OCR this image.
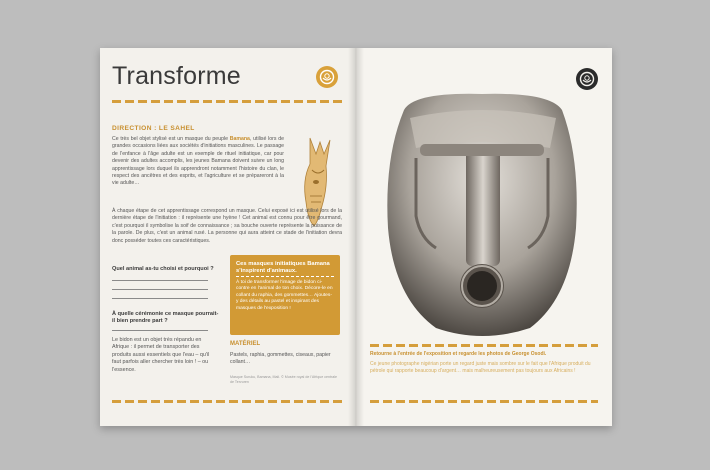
Transforme
DIRECTION : LE SAHEL
Ce très bel objet stylisé est un masque du peuple Bamana, utilisé lors de grandes occasions liées aux sociétés d'initiations masculines. Le passage de l'enfance à l'âge adulte est un exemple de rituel initiatique, car pour devenir des adultes accomplis, les jeunes Bamana doivent suivre un long apprentissage lors duquel ils apprendront notamment l'histoire du clan, le respect des ancêtres et des esprits, et l'agriculture et se prépareront à la vie adulte…
À chaque étape de cet apprentissage correspond un masque. Celui exposé ici est utilisé lors de la dernière étape de l'initiation : il représente une hyène ! Cet animal est connu pour être gourmand, c'est pourquoi il symbolise la soif de connaissance ; sa bouche ouverte représente la puissance de la parole. De plus, c'est un animal rusé. La personne qui aura atteint ce stade de l'initiation devra donc posséder toutes ces caractéristiques.
Quel animal as-tu choisi et pourquoi ?
À quelle cérémonie ce masque pourrait-il bien prendre part ?
Le bidon est un objet très répandu en Afrique : il permet de transporter des produits aussi essentiels que l'eau – qu'il faut parfois aller chercher très loin ! – ou l'essence.
Ces masques initiatiques Bamana s'inspirent d'animaux.
À toi de transformer l'image de bidon ci-contre en l'animal de ton choix. Décore-le en collant du raphia, des gommettes… Ajoutes-y des détails au pastel et inspirant des masques de l'exposition !
MATÉRIEL
Pastels, raphia, gommettes, ciseaux, papier collant…
Masque Suruku, Bamana, Mali. © Musée royal de l'Afrique centrale de Tervuren
Retourne à l'entrée de l'exposition et regarde les photos de George Osodi.
Ce jeune photographe nigérian porte un regard juste mais sombre sur le fait que l'Afrique produit du pétrole qui rapporte beaucoup d'argent… mais malheureusement pas toujours aux Africains !
